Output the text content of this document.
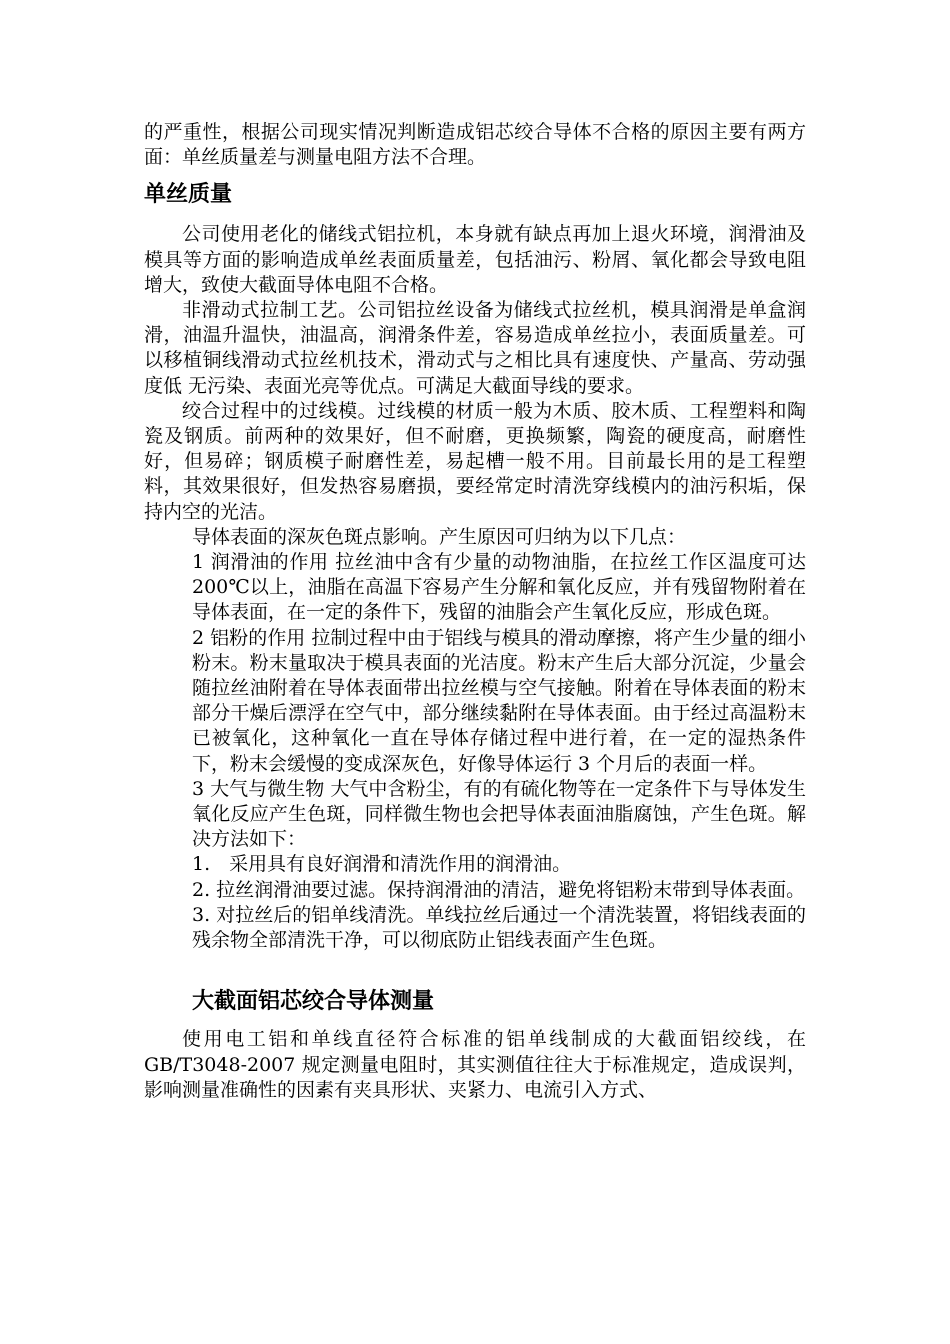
的严重性，根据公司现实情况判断造成铝芯绞合导体不合格的原因主要有两方面：单丝质量差与测量电阻方法不合理。

单丝质量

公司使用老化的储线式铝拉机，本身就有缺点再加上退火环境，润滑油及模具等方面的影响造成单丝表面质量差，包括油污、粉屑、氧化都会导致电阻增大，致使大截面导体电阻不合格。

非滑动式拉制工艺。公司铝拉丝设备为储线式拉丝机，模具润滑是单盒润滑，油温升温快，油温高，润滑条件差，容易造成单丝拉小，表面质量差。可以移植铜线滑动式拉丝机技术，滑动式与之相比具有速度快、产量高、劳动强度低 无污染、表面光亮等优点。可满足大截面导线的要求。

绞合过程中的过线模。过线模的材质一般为木质、胶木质、工程塑料和陶瓷及钢质。前两种的效果好，但不耐磨，更换频繁，陶瓷的硬度高，耐磨性好，但易碎；钢质模子耐磨性差，易起槽一般不用。目前最长用的是工程塑料，其效果很好，但发热容易磨损，要经常定时清洗穿线模内的油污积垢，保持内空的光洁。

导体表面的深灰色斑点影响。产生原因可归纳为以下几点：

1 润滑油的作用 拉丝油中含有少量的动物油脂，在拉丝工作区温度可达 200℃以上，油脂在高温下容易产生分解和氧化反应，并有残留物附着在导体表面，在一定的条件下，残留的油脂会产生氧化反应，形成色斑。

2 铝粉的作用 拉制过程中由于铝线与模具的滑动摩擦，将产生少量的细小粉末。粉末量取决于模具表面的光洁度。粉末产生后大部分沉淀，少量会随拉丝油附着在导体表面带出拉丝模与空气接触。附着在导体表面的粉末部分干燥后漂浮在空气中，部分继续黏附在导体表面。由于经过高温粉末已被氧化，这种氧化一直在导体存储过程中进行着，在一定的湿热条件下，粉末会缓慢的变成深灰色，好像导体运行 3 个月后的表面一样。

3 大气与微生物 大气中含粉尘，有的有硫化物等在一定条件下与导体发生氧化反应产生色斑，同样微生物也会把导体表面油脂腐蚀，产生色斑。解决方法如下：

1.　采用具有良好润滑和清洗作用的润滑油。

2. 拉丝润滑油要过滤。保持润滑油的清洁，避免将铝粉末带到导体表面。

3. 对拉丝后的铝单线清洗。单线拉丝后通过一个清洗装置，将铝线表面的残余物全部清洗干净，可以彻底防止铝线表面产生色斑。

大截面铝芯绞合导体测量

使用电工铝和单线直径符合标准的铝单线制成的大截面铝绞线，在 GB/T3048-2007 规定测量电阻时，其实测值往往大于标准规定，造成误判，影响测量准确性的因素有夹具形状、夹紧力、电流引入方式、
